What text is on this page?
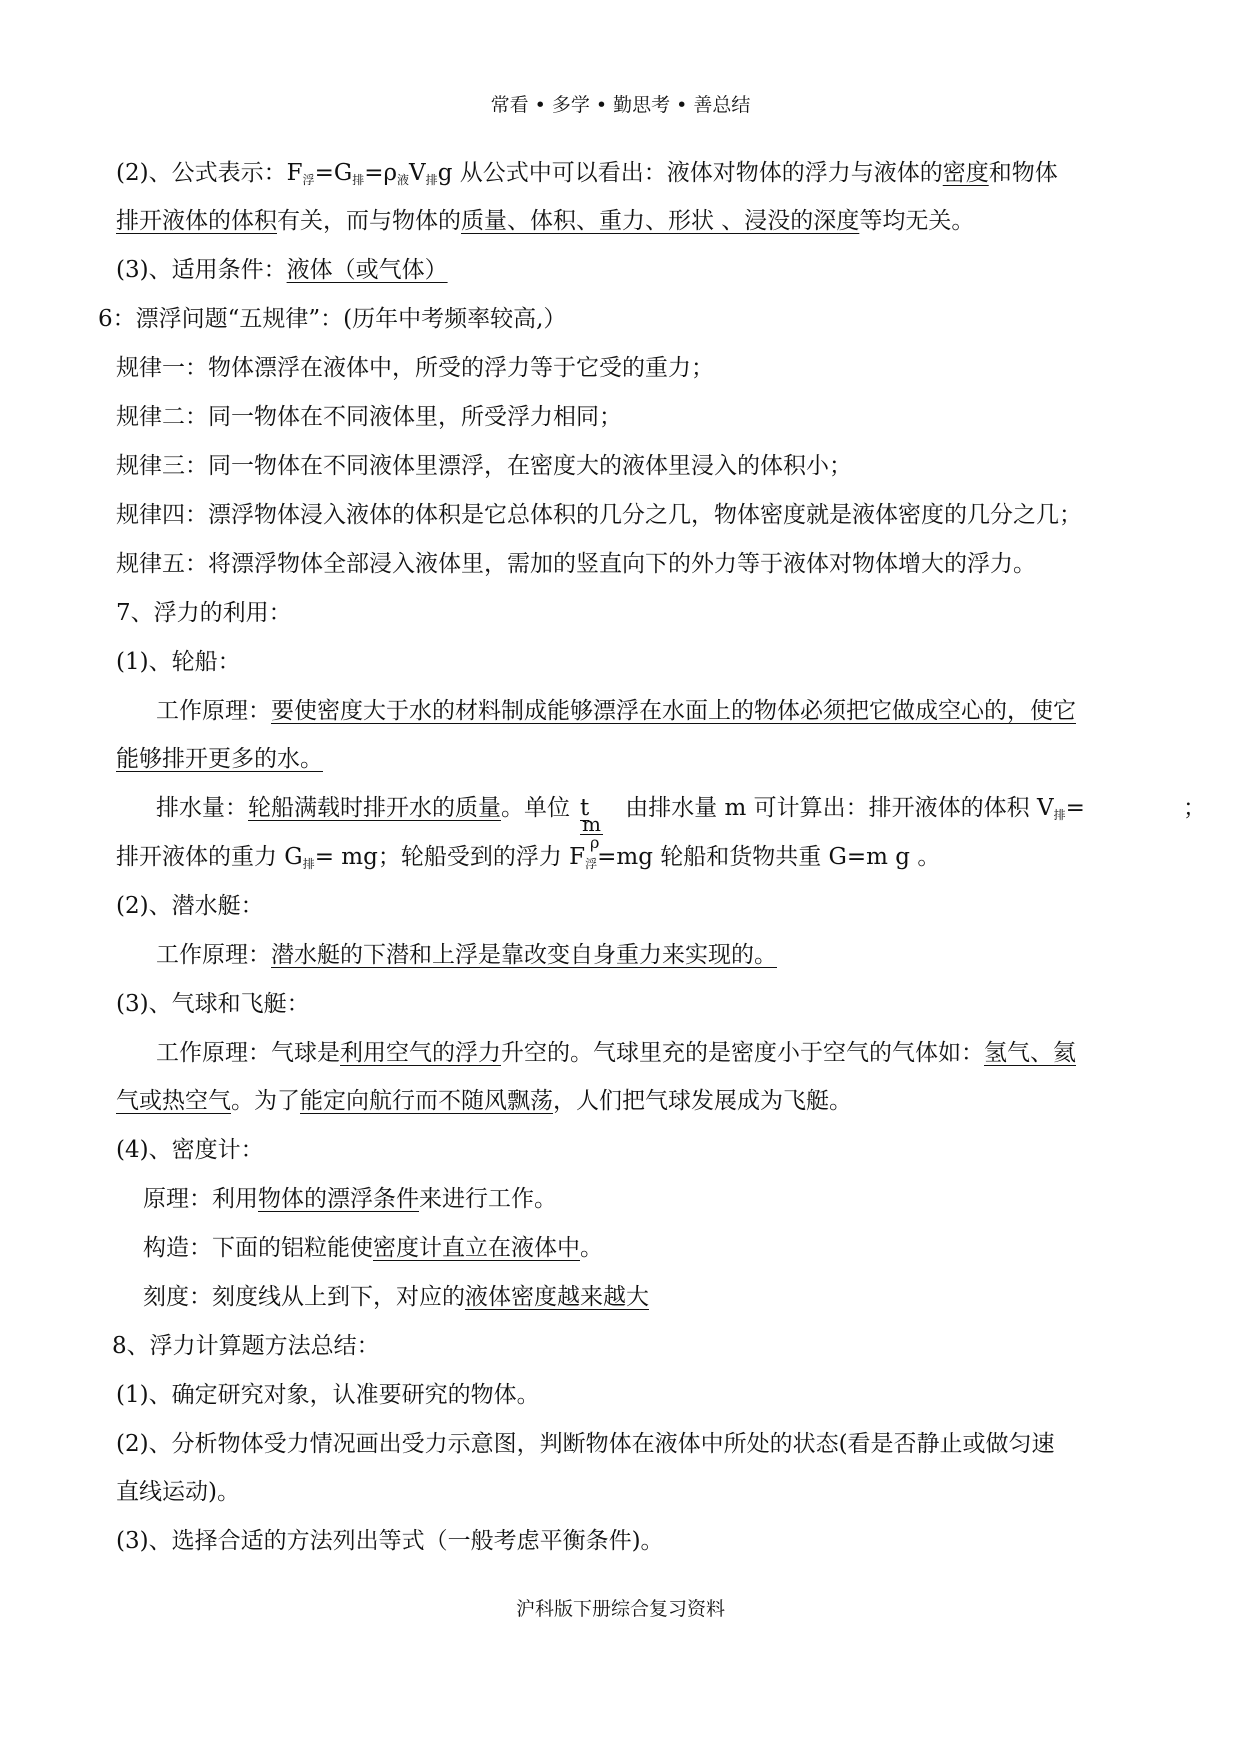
常看 • 多学 • 勤思考 • 善总结
(2)、公式表示：F浮=G排=ρ液V排g 从公式中可以看出：液体对物体的浮力与液体的密度和物体
排开液体的体积有关，而与物体的质量、体积、重力、形状 、浸没的深度等均无关。
(3)、适用条件：液体（或气体）
6：漂浮问题“五规律”：(历年中考频率较高,）
规律一：物体漂浮在液体中，所受的浮力等于它受的重力；
规律二：同一物体在不同液体里，所受浮力相同；
规律三：同一物体在不同液体里漂浮，在密度大的液体里浸入的体积小；
规律四：漂浮物体浸入液体的体积是它总体积的几分之几，物体密度就是液体密度的几分之几；
规律五：将漂浮物体全部浸入液体里，需加的竖直向下的外力等于液体对物体增大的浮力。
7、浮力的利用：
(1)、轮船：
工作原理：要使密度大于水的材料制成能够漂浮在水面上的物体必须把它做成空心的，使它
能够排开更多的水。
排水量：轮船满载时排开水的质量。单位 t 由排水量 m 可计算出：排开液体的体积 V排=
m
ρ
；
排开液体的重力 G排= mg；轮船受到的浮力 F浮=mg 轮船和货物共重 G=m g 。
(2)、潜水艇：
工作原理：潜水艇的下潜和上浮是靠改变自身重力来实现的。
(3)、气球和飞艇：
工作原理：气球是利用空气的浮力升空的。气球里充的是密度小于空气的气体如：氢气、氦
气或热空气。为了能定向航行而不随风飘荡，人们把气球发展成为飞艇。
(4)、密度计：
原理：利用物体的漂浮条件来进行工作。
构造：下面的铝粒能使密度计直立在液体中。
刻度：刻度线从上到下，对应的液体密度越来越大
8、浮力计算题方法总结：
(1)、确定研究对象，认准要研究的物体。
(2)、分析物体受力情况画出受力示意图，判断物体在液体中所处的状态(看是否静止或做匀速
直线运动)。
(3)、选择合适的方法列出等式（一般考虑平衡条件)。
沪科版下册综合复习资料
